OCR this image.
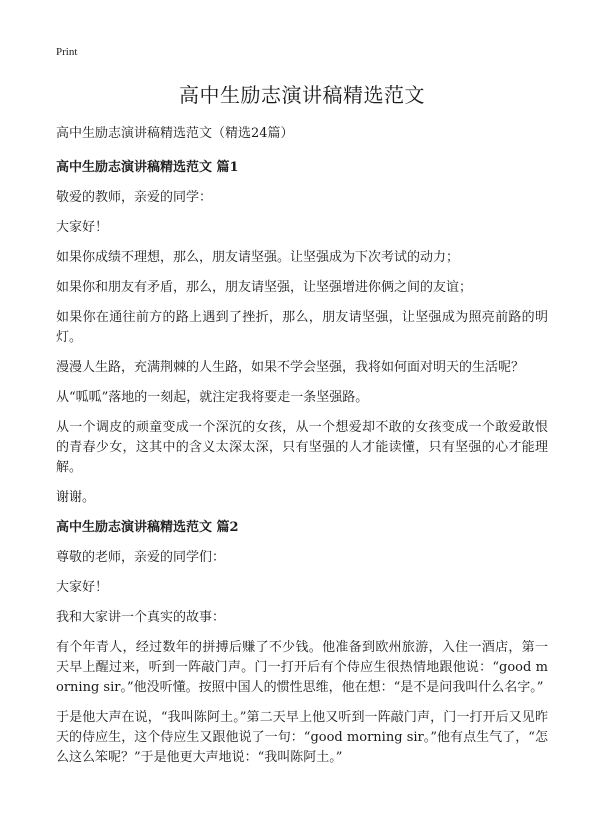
Print
高中生励志演讲稿精选范文

高中生励志演讲稿精选范文（精选24篇）

高中生励志演讲稿精选范文 篇1

敬爱的教师，亲爱的同学：

大家好！

如果你成绩不理想，那么，朋友请坚强。让坚强成为下次考试的动力；

如果你和朋友有矛盾，那么，朋友请坚强，让坚强增进你俩之间的友谊；

如果你在通往前方的路上遇到了挫折，那么，朋友请坚强，让坚强成为照亮前路的明灯。

漫漫人生路，充满荆棘的人生路，如果不学会坚强，我将如何面对明天的生活呢？

从“呱呱”落地的一刻起，就注定我将要走一条坚强路。

从一个调皮的顽童变成一个深沉的女孩，从一个想爱却不敢的女孩变成一个敢爱敢恨的青春少女，这其中的含义太深太深，只有坚强的人才能读懂，只有坚强的心才能理解。

谢谢。

高中生励志演讲稿精选范文 篇2

尊敬的老师，亲爱的同学们：

大家好！

我和大家讲一个真实的故事：

有个年青人，经过数年的拼搏后赚了不少钱。他准备到欧州旅游，入住一酒店，第一天早上醒过来，听到一阵敲门声。门一打开后有个侍应生很热情地跟他说：“good morning sir。”他没听懂。按照中国人的惯性思维，他在想：“是不是问我叫什么名字。”

于是他大声在说，“我叫陈阿土。”第二天早上他又听到一阵敲门声，门一打开后又见昨天的侍应生，这个侍应生又跟他说了一句：“good morning sir。”他有点生气了，“怎么这么笨呢？”于是他更大声地说：“我叫陈阿土。”
